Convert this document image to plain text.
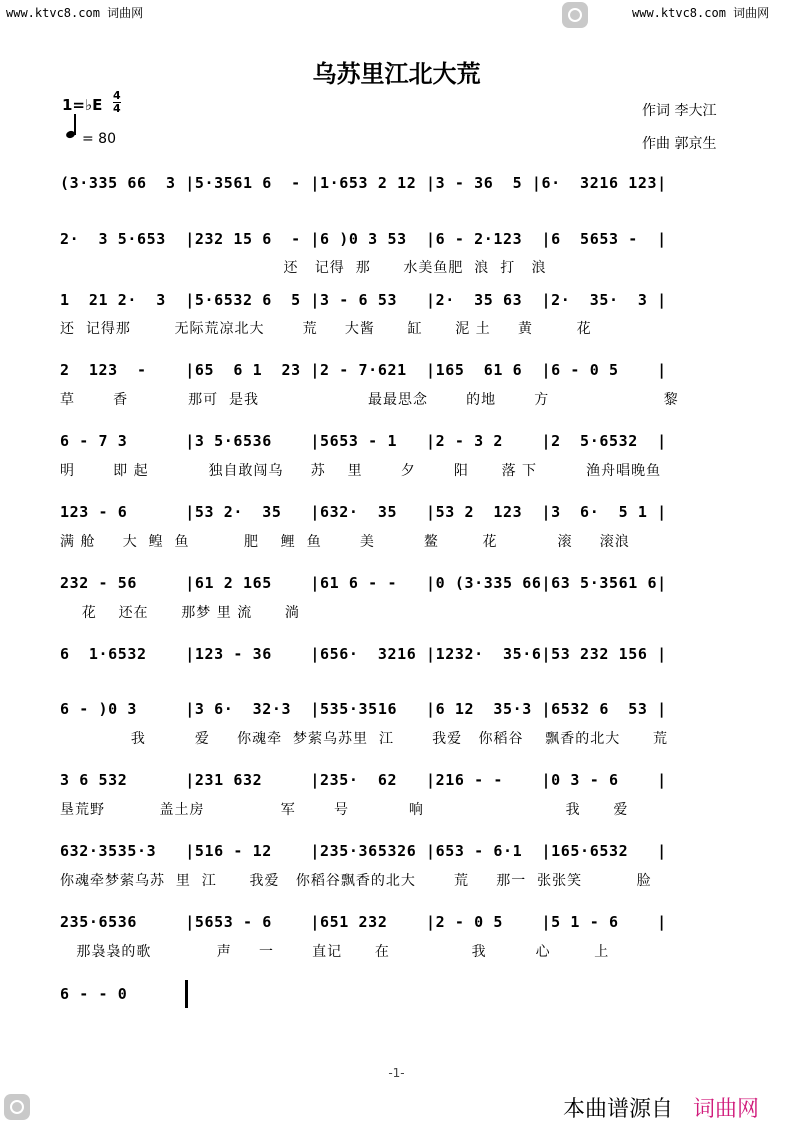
www.ktvc8.com 词曲网	www.ktvc8.com 词曲网
乌苏里江北大荒
1=♭E $\frac{4}{4}$
= 80
作词 李大江
作曲 郭京生
(3·335 66  3 |5·3561 6  - |1·653 2 12 |3 - 36  5 |6·  3216 123|
2·  3 5·653  |232 15 6  - |6 )0 3 53  |6 - 2·123  |6  5653 -  |
还   记得  那      水美鱼肥  浪  打   浪
1  21 2·  3  |5·6532 6  5 |3 - 6 53   |2·  35 63  |2·  35·  3 |
还  记得那        无际荒凉北大       荒     大酱      缸      泥 土     黄        花
2  123  -    |65  6 1  23 |2 - 7·621  |165  61 6  |6 - 0 5    |
草       香           那可  是我                    最最思念       的地       方                     黎
6 - 7 3      |3 5·6536    |5653 - 1   |2 - 3 2    |2  5·6532  |
明       即 起           独自敢闯乌     苏    里       夕       阳      落 下         渔舟唱晚鱼
123 - 6      |53 2·  35   |632·  35   |53 2  123  |3  6·  5 1 |
满 舱     大  鳇  鱼          肥    鲤  鱼       美         鳌        花           滚     滚浪
232 - 56     |61 2 165    |61 6 - -   |0 (3·335 66|63 5·3561 6|
花    还在      那梦 里 流      淌
6  1·6532    |123 - 36    |656·  3216 |1232·  35·6|53 232 156 |
6 - )0 3     |3 6·  32·3  |535·3516   |6 12  35·3 |6532 6  53 |
我         爱     你魂牵  梦萦乌苏里  江       我爱   你稻谷    飘香的北大      荒
3 6 532      |231 632     |235·  62   |216 - -    |0 3 - 6    |
垦荒野          盖土房              军       号           响                          我      爱
632·3535·3   |516 - 12    |235·365326 |653 - 6·1  |165·6532   |
你魂牵梦萦乌苏  里  江      我爱   你稻谷飘香的北大       荒     那一  张张笑          脸
235·6536     |5653 - 6    |651 232    |2 - 0 5    |5 1 - 6    |
那袅袅的歌            声     一       直记      在               我         心        上
6 - - 0
-1-
本曲谱源自 词曲网
